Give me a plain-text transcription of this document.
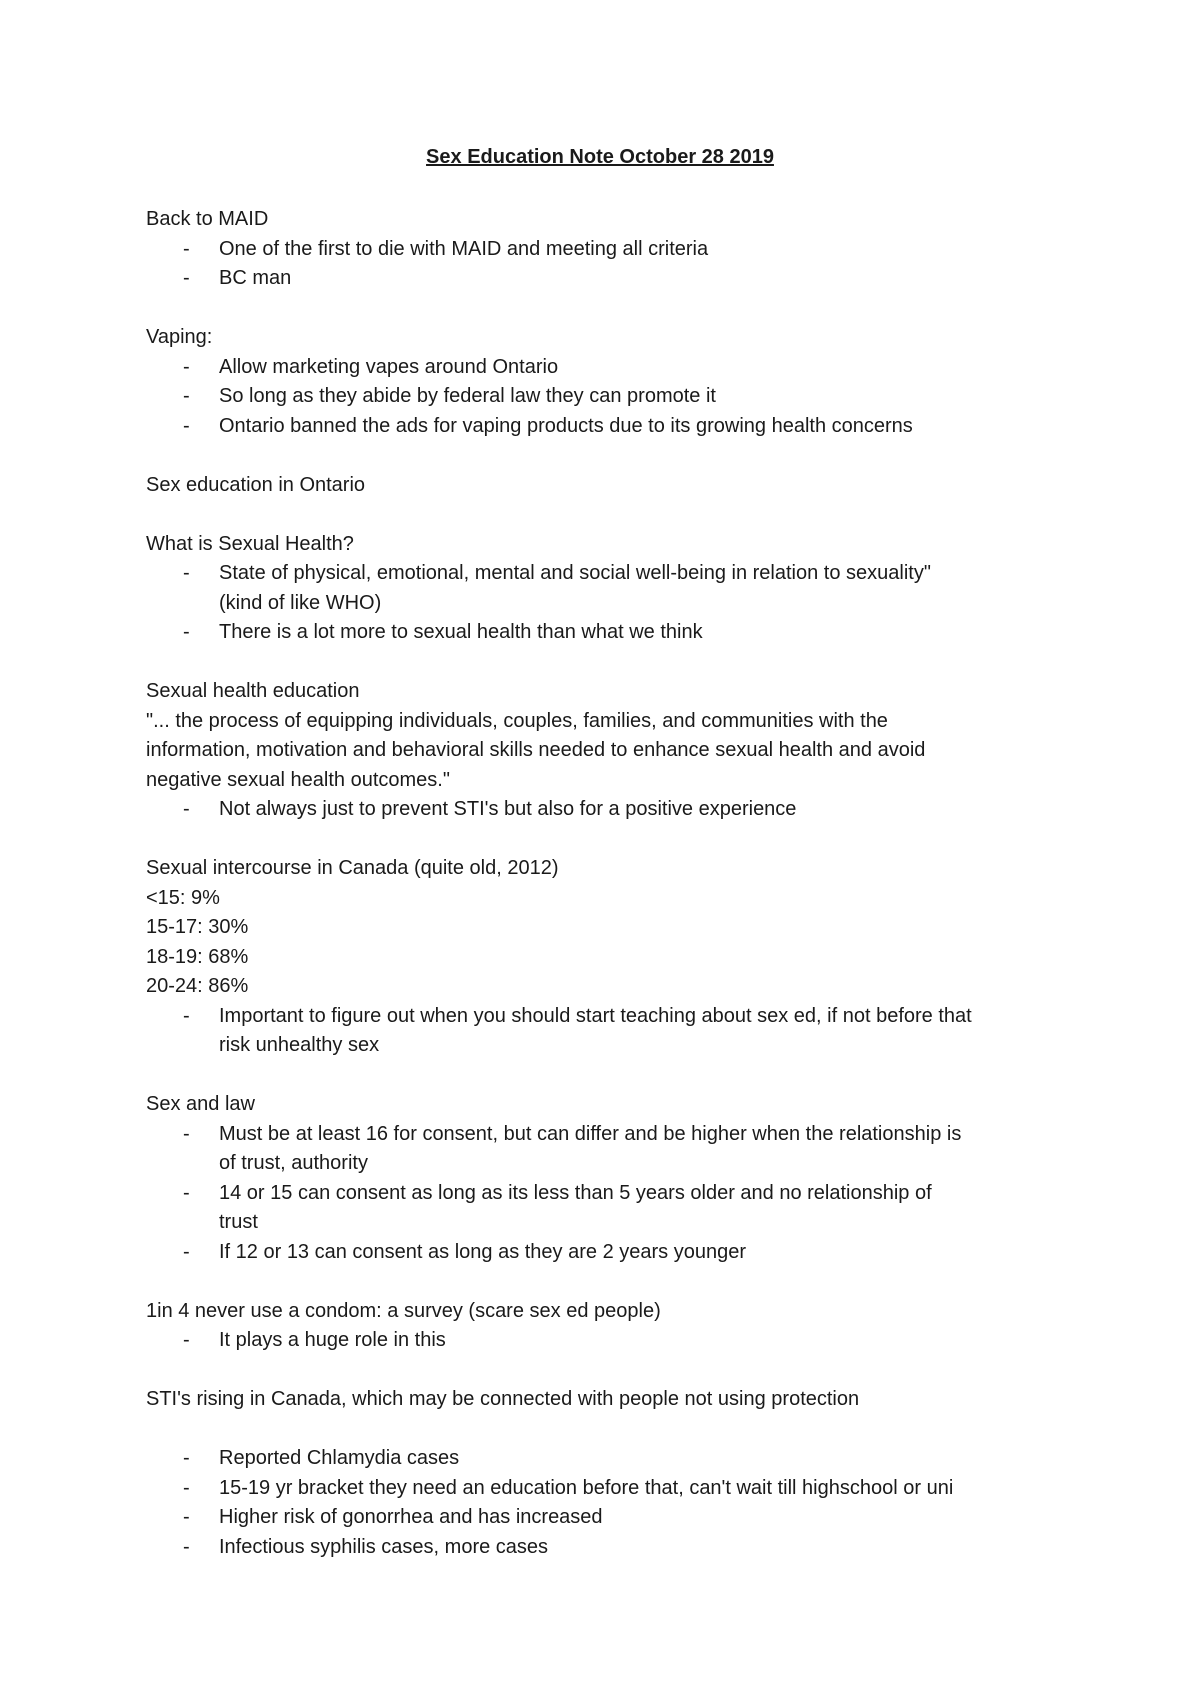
Sex Education Note October 28 2019
Back to MAID
- One of the first to die with MAID and meeting all criteria
- BC man
Vaping:
- Allow marketing vapes around Ontario
- So long as they abide by federal law they can promote it
- Ontario banned the ads for vaping products due to its growing health concerns
Sex education in Ontario
What is Sexual Health?
- State of physical, emotional, mental and social well-being in relation to sexuality"
(kind of like WHO)
- There is a lot more to sexual health than what we think
Sexual health education
"... the process of equipping individuals, couples, families, and communities with the
information, motivation and behavioral skills needed to enhance sexual health and avoid
negative sexual health outcomes."
- Not always just to prevent STI's but also for a positive experience
Sexual intercourse in Canada (quite old, 2012)
<15: 9%
15-17: 30%
18-19: 68%
20-24: 86%
- Important to figure out when you should start teaching about sex ed, if not before that
risk unhealthy sex
Sex and law
- Must be at least 16 for consent, but can differ and be higher when the relationship is
of trust, authority
- 14 or 15 can consent as long as its less than 5 years older and no relationship of
trust
- If 12 or 13 can consent as long as they are 2 years younger
1in 4 never use a condom: a survey (scare sex ed people)
- It plays a huge role in this
STI's rising in Canada, which may be connected with people not using protection
- Reported Chlamydia cases
- 15-19 yr bracket they need an education before that, can't wait till highschool or uni
- Higher risk of gonorrhea and has increased
- Infectious syphilis cases, more cases
